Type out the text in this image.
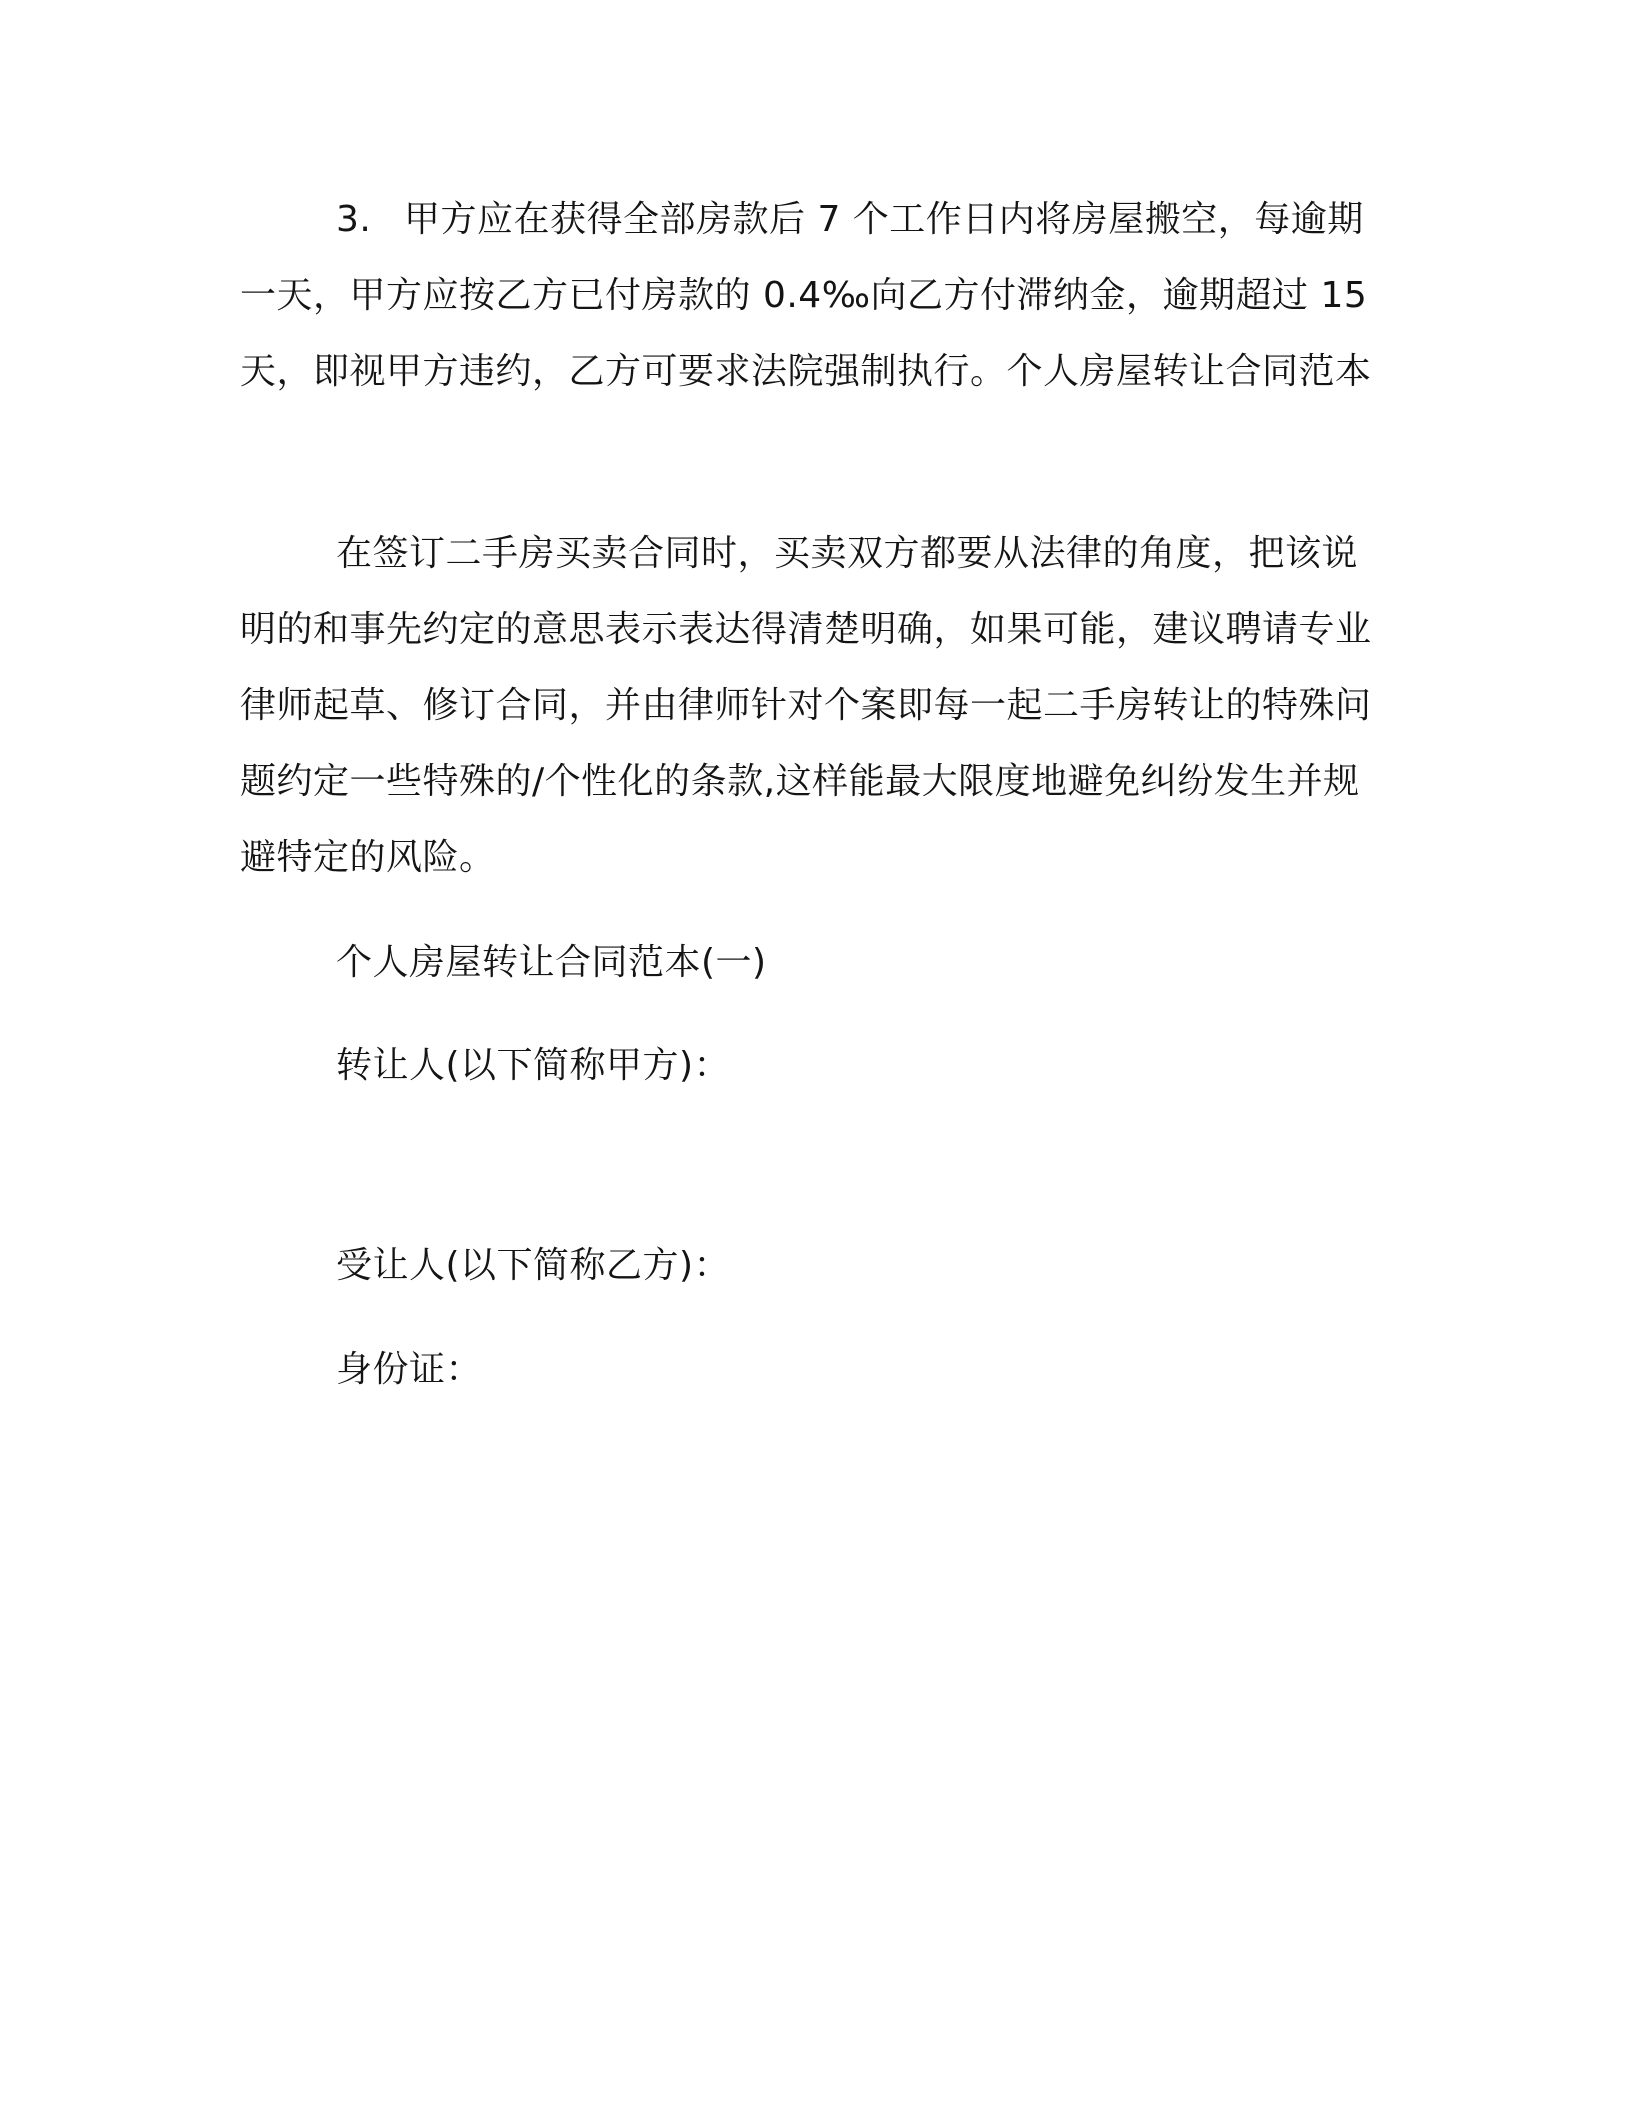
3. 甲方应在获得全部房款后 7 个工作日内将房屋搬空，每逾期一天，甲方应按乙方已付房款的 0.4‰向乙方付滞纳金，逾期超过 15 天，即视甲方违约，乙方可要求法院强制执行。个人房屋转让合同范本
在签订二手房买卖合同时，买卖双方都要从法律的角度，把该说明的和事先约定的意思表示表达得清楚明确，如果可能，建议聘请专业律师起草、修订合同，并由律师针对个案即每一起二手房转让的特殊问题约定一些特殊的/个性化的条款,这样能最大限度地避免纠纷发生并规避特定的风险。
个人房屋转让合同范本(一)
转让人(以下简称甲方)：
受让人(以下简称乙方)：
身份证：
